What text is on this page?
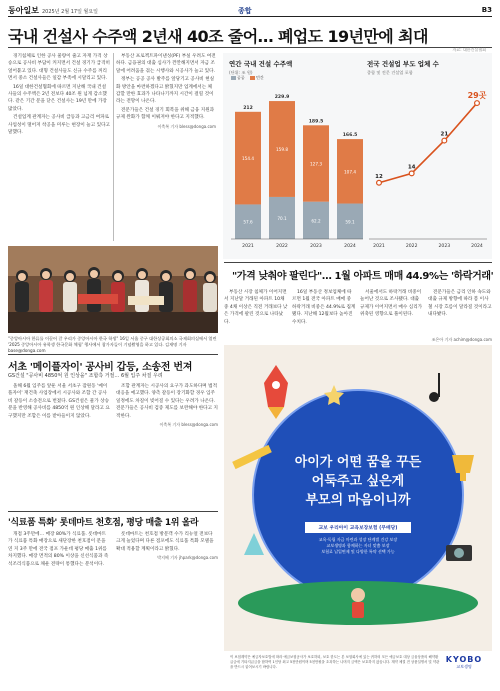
동아일보 2025년 2월 17일 월요일	종합	B3
국내 건설사 수주액 2년새 40조 줄어… 폐업도 19년만에 최대

경기침체로 인한 공사 물량이 줄고 자재 가격 상승으로 공사비 부담이 커지면서 건설 경기가 급격히 얼어붙고 있다. 대형 건설사들도 신규 수주를 꺼리면서 중소 건설사들은 일감 부족에 시달리고 있다.

16일 대한건설협회에 따르면 지난해 국내 건설사들의 수주액은 2년 전보다 40조 원 넘게 감소했다. 같은 기간 문을 닫은 건설사는 19년 만에 가장 많았다.

건설업계 관계자는 공사비 급등과 고금리 여파로 사업성이 떨어져 착공을 미루는 현장이 늘고 있다고 말했다.

부동산 프로젝트파이낸싱(PF) 부실 우려도 여전하다. 금융권의 대출 심사가 깐깐해지면서 자금 조달에 어려움을 겪는 시행사와 시공사가 늘고 있다.

정부는 공공 공사 발주를 앞당기고 공사비 현실화 방안을 마련하겠다고 밝혔지만 업계에서는 체감할 만한 효과가 나타나기까지 시간이 걸릴 것이라는 전망이 나온다.

전문가들은 건설 경기 회복을 위해 금융 지원과 규제 완화가 함께 이뤄져야 한다고 지적했다.

이축복 기자 bless@donga.com
자료: 대한건설협회
연간 국내 건설 수주액
(단위: 조 원)
57.6
154.4
212
2021
70.1
159.8
229.9
2022
62.2
127.3
189.5
2023
59.1
107.4
166.5
2024
전국 건설업 부도 업체 수
종합 및 전문 건설업 포함
12
2021
14
2022
21
2023
29곳
2024
공공	민간
"중앙아시아 한류를 이끌어 갈 우리가 중앙아시아 한국 학생" 16일 서울 중구 대한상공회의소 국제회의실에서 열린 '2025 중앙아시아 유학생 한국문화 체험' 행사에서 참가자들이 기념촬영을 하고 있다. 김재명 기자 base@donga.com
"가격 낮춰야 팔린다"… 1월 아파트 매매 44.9%는 '하락거래'

부동산 시장 침체가 이어지면서 지난달 거래된 아파트 10채 중 4채 이상은 직전 거래보다 낮은 가격에 팔린 것으로 나타났다.

16일 부동산 정보업체에 따르면 1월 전국 아파트 매매 중 하락거래 비중은 44.9%로 집계됐다. 지난해 12월보다 높아진 수치다.

서울에서도 하락거래 비중이 늘어난 것으로 조사됐다. 대출 규제가 이어지면서 매수 심리가 위축된 영향으로 풀이된다.

전문가들은 금리 인하 속도와 대출 규제 방향에 따라 봄 이사철 시장 흐름이 달라질 것이라고 내다봤다.

조은아 기자 achim@donga.com
서초 '메이플자이' 공사비 갑등, 소송전 번져
GS건설 "공사비 4850억 원 인상을" 조합측 거절… 6월 입주 차질 우려

올해 6월 입주를 앞둔 서울 서초구 잠원동 '메이플자이' 재건축 사업장에서 시공사와 조합 간 공사비 갈등이 소송전으로 번졌다. GS건설은 물가 상승분을 반영해 공사비를 4850억 원 인상해 달라고 요구했지만 조합은 이를 받아들이지 않았다.

조합 관계자는 시공사의 요구가 과도하다며 법적 대응을 예고했다. 양측 갈등이 장기화할 경우 입주 일정에도 차질이 빚어질 수 있다는 우려가 나온다. 전문가들은 공사비 검증 제도를 보완해야 한다고 지적한다.

이축복 기자 bless@donga.com
'식료품 특화' 롯데마트 천호점, 평당 매출 1위 올라

개점 3주만에… 매장 80%가 식료품. 롯데마트가 식료품 특화 매장으로 새단장한 천호점이 문을 연 지 3주 만에 전국 점포 가운데 평당 매출 1위를 차지했다. 매장 면적의 80% 이상을 신선식품과 즉석조리식품으로 채운 전략이 통했다는 분석이다.

롯데마트는 천호점 방문객 수가 리뉴얼 전보다 크게 늘었다며 다른 점포에도 식료품 특화 모델을 확대 적용할 계획이라고 밝혔다.

박지혜 기자 jhpark@donga.com
아이가 어떤 꿈을 꾸든
어둑주고 싶은게
부모의 마음이니까
교보 우리아이 교육보장보험 (무배당)
교육·독립 자금 마련과 성장 단계별 건강 보장
교보생명과 함께하는 자녀 맞춤 보장
보험료 납입면제 및 다양한 특약 선택 가능
이 보험계약은 예금자보호법에 따라 예금보험공사가 보호하되, 보호 한도는 본 보험회사에 있는 귀하의 모든 예금보호 대상 금융상품의 해약환급금에 기타지급금을 합하여 1인당 최고 5천만원이며 5천만원을 초과하는 나머지 금액은 보호하지 않습니다. 계약 체결 전 상품설명서 및 약관을 반드시 읽어보시기 바랍니다.
KYOBO
교보생명
